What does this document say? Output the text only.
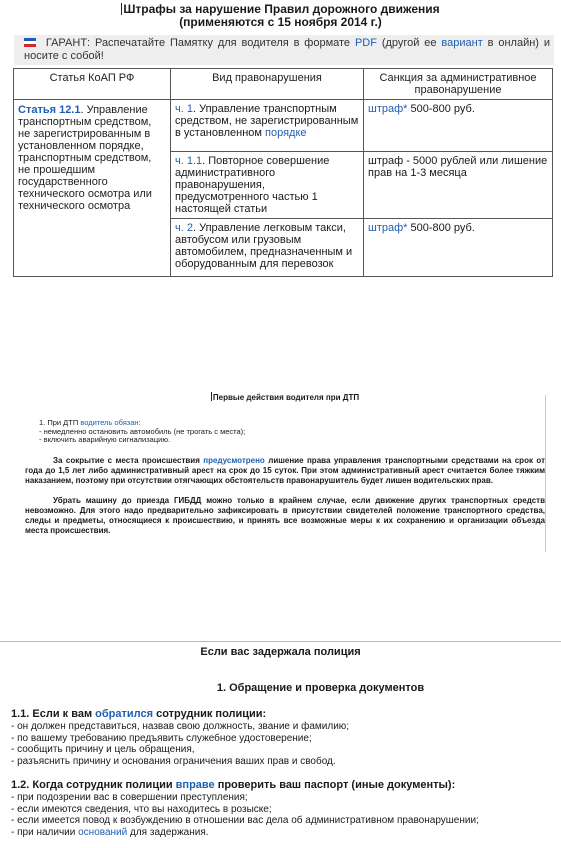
Штрафы за нарушение Правил дорожного движения
(применяются с 15 ноября 2014 г.)
ГАРАНТ: Распечатайте Памятку для водителя в формате PDF (другой ее вариант в онлайн) и носите с собой!
Статья КоАП РФ	Вид правонарушения	Санкция за административное правонарушение
Статья 12.1. Управление транспортным средством, не зарегистрированным в установленном порядке, транспортным средством, не прошедшим государственного технического осмотра или технического осмотра	ч. 1. Управление транспортным средством, не зарегистрированным в установленном порядке	штраф* 500-800 руб.
	ч. 1.1. Повторное совершение административного правонарушения, предусмотренного частью 1 настоящей статьи	штраф - 5000 рублей или лишение прав на 1-3 месяца
	ч. 2. Управление легковым такси, автобусом или грузовым автомобилем, предназначенным и оборудованным для перевозок	штраф* 500-800 руб.
Первые действия водителя при ДТП
1. При ДТП водитель обязан:
- немедленно остановить автомобиль (не трогать с места);
- включить аварийную сигнализацию.

За сокрытие с места происшествия предусмотрено лишение права управления транспортными средствами на срок от года до 1,5 лет либо административный арест на срок до 15 суток. При этом административный арест считается более тяжким наказанием, поэтому при отсутствии отягчающих обстоятельств правонарушитель будет лишен водительских прав.

Убрать машину до приезда ГИБДД можно только в крайнем случае, если движение других транспортных средств невозможно. Для этого надо предварительно зафиксировать в присутствии свидетелей положение транспортного средства, следы и предметы, относящиеся к происшествию, и принять все возможные меры к их сохранению и организации объезда места происшествия.

Если вас задержала полиция
1. Обращение и проверка документов
1.1. Если к вам обратился сотрудник полиции:
- он должен представиться, назвав свою должность, звание и фамилию;
- по вашему требованию предъявить служебное удостоверение;
- сообщить причину и цель обращения,
- разъяснить причину и основания ограничения ваших прав и свобод.
1.2. Когда сотрудник полиции вправе проверить ваш паспорт (иные документы):
- при подозрении вас в совершении преступления;
- если имеются сведения, что вы находитесь в розыске;
- если имеется повод к возбуждению в отношении вас дела об административном правонарушении;
- при наличии оснований для задержания.
